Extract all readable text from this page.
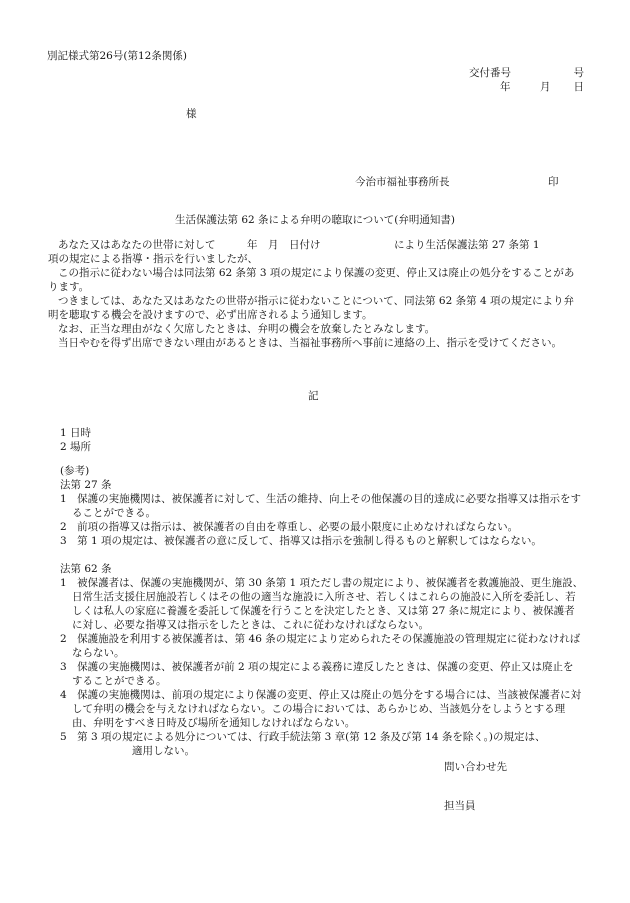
別記様式第26号(第12条関係)
交付番号	号
年	月 日
様
今治市福祉事務所長	印
生活保護法第 62 条による弁明の聴取について(弁明通知書)

あなた又はあなたの世帯に対して　　　年　月　日付け　　　　　　　により生活保護法第 27 条第 1

項の規定による指導・指示を行いましたが、

この指示に従わない場合は同法第 62 条第 3 項の規定により保護の変更、停止又は廃止の処分をすることがあります。

つきましては、あなた又はあなたの世帯が指示に従わないことについて、同法第 62 条第 4 項の規定により弁明を聴取する機会を設けますので、必ず出席されるよう通知します。

なお、正当な理由がなく欠席したときは、弁明の機会を放棄したとみなします。

当日やむを得ず出席できない理由があるときは、当福祉事務所へ事前に連絡の上、指示を受けてください。

記
1 日時
2 場所
(参考)
法第 27 条

1　保護の実施機関は、被保護者に対して、生活の維持、向上その他保護の目的達成に必要な指導又は指示をすることができる。

2　前項の指導又は指示は、被保護者の自由を尊重し、必要の最小限度に止めなければならない。

3　第 1 項の規定は、被保護者の意に反して、指導又は指示を強制し得るものと解釈してはならない。

法第 62 条

1　被保護者は、保護の実施機関が、第 30 条第 1 項ただし書の規定により、被保護者を救護施設、更生施設、日常生活支援住居施設若しくはその他の適当な施設に入所させ、若しくはこれらの施設に入所を委託し、若しくは私人の家庭に養護を委託して保護を行うことを決定したとき、又は第 27 条に規定により、被保護者に対し、必要な指導又は指示をしたときは、これに従わなければならない。

2　保護施設を利用する被保護者は、第 46 条の規定により定められたその保護施設の管理規定に従わなければならない。

3　保護の実施機関は、被保護者が前 2 項の規定による義務に違反したときは、保護の変更、停止又は廃止をすることができる。

4　保護の実施機関は、前項の規定により保護の変更、停止又は廃止の処分をする場合には、当該被保護者に対して弁明の機会を与えなければならない。この場合においては、あらかじめ、当該処分をしようとする理由、弁明をすべき日時及び場所を通知しなければならない。

5　第 3 項の規定による処分については、行政手続法第 3 章(第 12 条及び第 14 条を除く。)の規定は、

適用しない。

問い合わせ先
担当員
